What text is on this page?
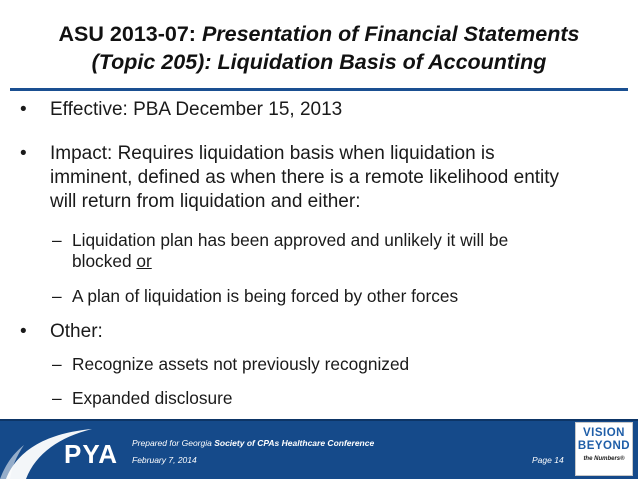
ASU 2013-07: Presentation of Financial Statements
(Topic 205): Liquidation Basis of Accounting
•	Effective: PBA December 15, 2013
•	Impact: Requires liquidation basis when liquidation is
imminent, defined as when there is a remote likelihood entity
will return from liquidation and either:
– Liquidation plan has been approved and unlikely it will be
blocked or
– A plan of liquidation is being forced by other forces
•	Other:
– Recognize assets not previously recognized
– Expanded disclosure
PYA Prepared for Georgia Society of CPAs Healthcare Conference
February 7, 2014	Page 14
VISION
BEYOND
the Numbers®
